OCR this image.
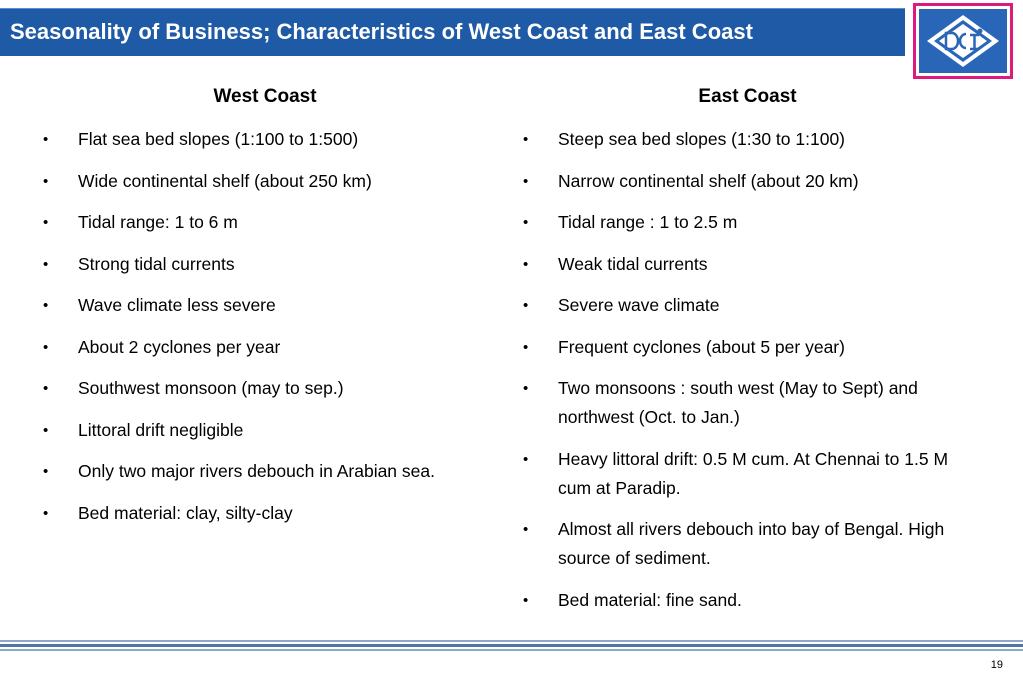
Seasonality of Business; Characteristics of West Coast and East Coast
West Coast
• Flat sea bed slopes (1:100 to 1:500)
• Wide continental shelf (about 250 km)
• Tidal range: 1 to 6 m
• Strong tidal currents
• Wave climate less severe
• About 2 cyclones per year
• Southwest monsoon (may to sep.)
• Littoral drift negligible
• Only two major rivers debouch in Arabian sea.
• Bed material: clay, silty-clay
East Coast
• Steep sea bed slopes (1:30 to 1:100)
• Narrow continental shelf (about 20 km)
• Tidal range : 1 to 2.5 m
• Weak tidal currents
• Severe wave climate
• Frequent cyclones (about 5 per year)
• Two monsoons : south west (May to Sept) and northwest (Oct. to Jan.)
• Heavy littoral drift: 0.5 M cum. At Chennai to 1.5 M cum at Paradip.
• Almost all rivers debouch into bay of Bengal. High source of sediment.
• Bed material: fine sand.
19
